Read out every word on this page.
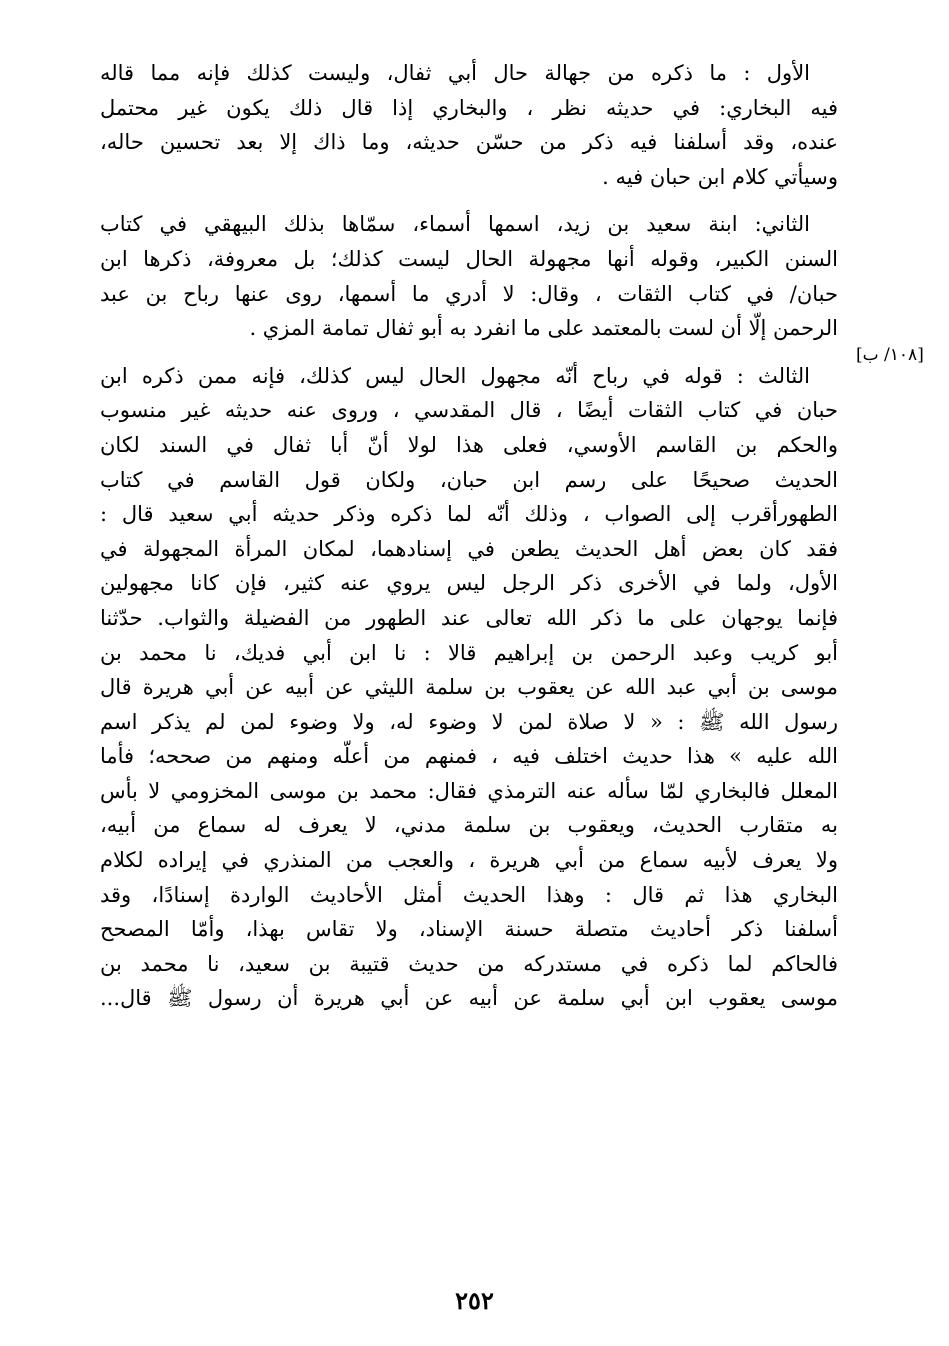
الأول : ما ذكره من جهالة حال أبي ثفال، وليست كذلك فإنه مما قاله
فيه البخاري: في حديثه نظر ، والبخاري إذا قال ذلك يكون غير محتمل
عنده، وقد أسلفنا فيه ذكر من حسّن حديثه، وما ذاك إلا بعد تحسين حاله،
وسيأتي كلام ابن حبان فيه .
الثاني: ابنة سعيد بن زيد، اسمها أسماء، سمّاها بذلك البيهقي في كتاب
السنن الكبير، وقوله أنها مجهولة الحال ليست كذلك؛ بل معروفة، ذكرها ابن
حبان/ في كتاب الثقات ، وقال: لا أدري ما أسمها، روى عنها رباح بن عبد
الرحمن إلّا أن لست بالمعتمد على ما انفرد به أبو ثفال تمامة المزي .
الثالث : قوله في رباح أنّه مجهول الحال ليس كذلك، فإنه ممن ذكره ابن
حبان في كتاب الثقات أيضًا ، قال المقدسي ، وروى عنه حديثه غير منسوب
والحكم بن القاسم الأوسي، فعلى هذا لولا أنّ أبا ثفال في السند لكان
الحديث صحيحًا على رسم ابن حبان، ولكان قول القاسم في كتاب
الطهورأقرب إلى الصواب ، وذلك أنّه لما ذكره وذكر حديثه أبي سعيد قال :
فقد كان بعض أهل الحديث يطعن في إسنادهما، لمكان المرأة المجهولة في
الأول، ولما في الأخرى ذكر الرجل ليس يروي عنه كثير، فإن كانا مجهولين
فإنما يوجهان على ما ذكر الله تعالى عند الطهور من الفضيلة والثواب. حدّثنا
أبو كريب وعبد الرحمن بن إبراهيم قالا : نا ابن أبي فديك، نا محمد بن
موسى بن أبي عبد الله عن يعقوب بن سلمة الليثي عن أبيه عن أبي هريرة قال
رسول الله ﷺ : « لا صلاة لمن لا وضوء له، ولا وضوء لمن لم يذكر اسم
الله عليه » هذا حديث اختلف فيه ، فمنهم من أعلّه ومنهم من صححه؛ فأما
المعلل فالبخاري لمّا سأله عنه الترمذي فقال: محمد بن موسى المخزومي لا بأس
به متقارب الحديث، ويعقوب بن سلمة مدني، لا يعرف له سماع من أبيه،
ولا يعرف لأبيه سماع من أبي هريرة ، والعجب من المنذري في إيراده لكلام
البخاري هذا ثم قال : وهذا الحديث أمثل الأحاديث الواردة إسنادًا، وقد
أسلفنا ذكر أحاديث متصلة حسنة الإسناد، ولا تقاس بهذا، وأمّا المصحح
فالحاكم لما ذكره في مستدركه من حديث قتيبة بن سعيد، نا محمد بن
موسى يعقوب ابن أبي سلمة عن أبيه عن أبي هريرة أن رسول ﷺ قال...
[١٠٨/ ب]
٢٥٢
